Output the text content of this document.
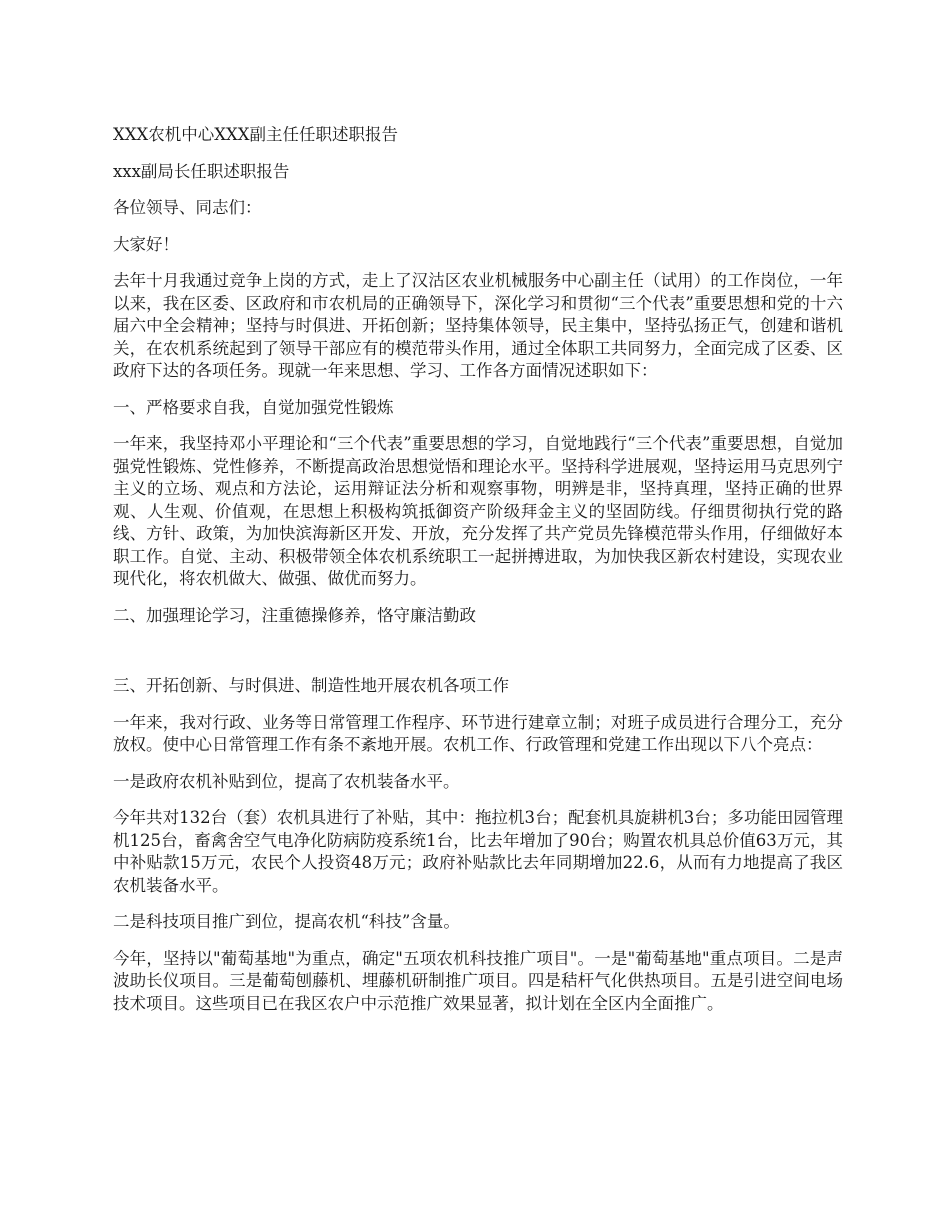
XXX农机中心XXX副主任任职述职报告

xxx副局长任职述职报告

各位领导、同志们：

大家好！

去年十月我通过竞争上岗的方式，走上了汉沽区农业机械服务中心副主任（试用）的工作岗位，一年以来，我在区委、区政府和市农机局的正确领导下，深化学习和贯彻“三个代表”重要思想和党的十六届六中全会精神；坚持与时俱进、开拓创新；坚持集体领导，民主集中，坚持弘扬正气，创建和谐机关，在农机系统起到了领导干部应有的模范带头作用，通过全体职工共同努力，全面完成了区委、区政府下达的各项任务。现就一年来思想、学习、工作各方面情况述职如下：

一、严格要求自我，自觉加强党性锻炼

一年来，我坚持邓小平理论和“三个代表”重要思想的学习，自觉地践行“三个代表”重要思想，自觉加强党性锻炼、党性修养，不断提高政治思想觉悟和理论水平。坚持科学进展观，坚持运用马克思列宁主义的立场、观点和方法论，运用辩证法分析和观察事物，明辨是非，坚持真理，坚持正确的世界观、人生观、价值观，在思想上积极构筑抵御资产阶级拜金主义的坚固防线。仔细贯彻执行党的路线、方针、政策，为加快滨海新区开发、开放，充分发挥了共产党员先锋模范带头作用，仔细做好本职工作。自觉、主动、积极带领全体农机系统职工一起拼搏进取，为加快我区新农村建设，实现农业现代化，将农机做大、做强、做优而努力。

二、加强理论学习，注重德操修养，恪守廉洁勤政

三、开拓创新、与时俱进、制造性地开展农机各项工作

一年来，我对行政、业务等日常管理工作程序、环节进行建章立制；对班子成员进行合理分工，充分放权。使中心日常管理工作有条不紊地开展。农机工作、行政管理和党建工作出现以下八个亮点：

一是政府农机补贴到位，提高了农机装备水平。

今年共对132台（套）农机具进行了补贴，其中：拖拉机3台；配套机具旋耕机3台；多功能田园管理机125台，畜禽舍空气电净化防病防疫系统1台，比去年增加了90台；购置农机具总价值63万元，其中补贴款15万元，农民个人投资48万元；政府补贴款比去年同期增加22.6，从而有力地提高了我区农机装备水平。

二是科技项目推广到位，提高农机“科技”含量。

今年，坚持以"葡萄基地"为重点，确定"五项农机科技推广项目"。一是"葡萄基地"重点项目。二是声波助长仪项目。三是葡萄刨藤机、埋藤机研制推广项目。四是秸杆气化供热项目。五是引进空间电场技术项目。这些项目已在我区农户中示范推广效果显著，拟计划在全区内全面推广。
